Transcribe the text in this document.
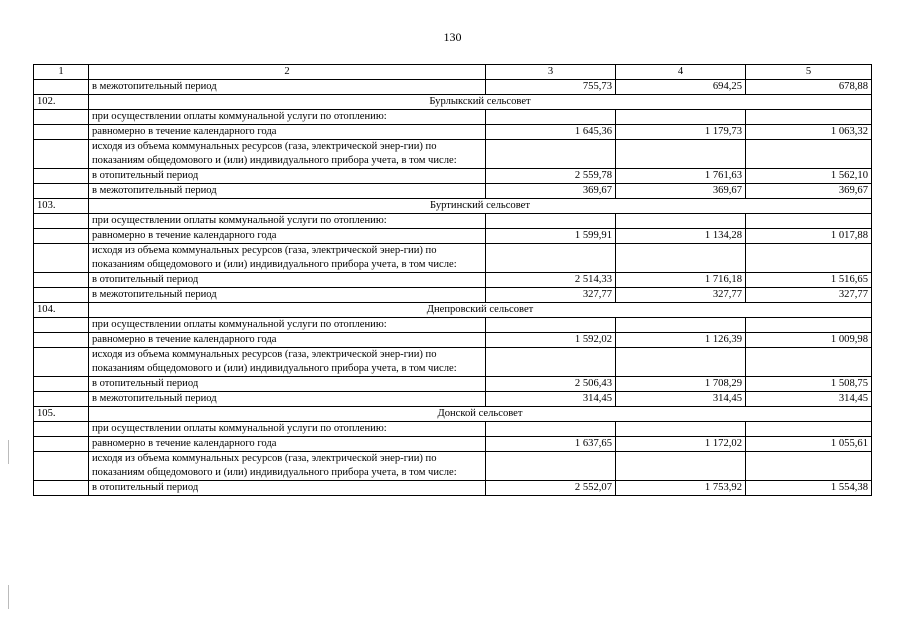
130
1	2	3	4	5
	в межотопительный период	755,73	694,25	678,88
102.	Бурлыкский сельсовет			
	при осуществлении оплаты коммунальной услуги по отоплению:			
	равномерно в течение календарного года	1 645,36	1 179,73	1 063,32
	исходя из объема коммунальных ресурсов (газа, электрической энер-гии) по показаниям общедомового и (или) индивидуального прибора учета, в том числе:			
	в отопительный период	2 559,78	1 761,63	1 562,10
	в межотопительный период	369,67	369,67	369,67
103.	Буртинский сельсовет			
	при осуществлении оплаты коммунальной услуги по отоплению:			
	равномерно в течение календарного года	1 599,91	1 134,28	1 017,88
	исходя из объема коммунальных ресурсов (газа, электрической энер-гии) по показаниям общедомового и (или) индивидуального прибора учета, в том числе:			
	в отопительный период	2 514,33	1 716,18	1 516,65
	в межотопительный период	327,77	327,77	327,77
104.	Днепровский сельсовет			
	при осуществлении оплаты коммунальной услуги по отоплению:			
	равномерно в течение календарного года	1 592,02	1 126,39	1 009,98
	исходя из объема коммунальных ресурсов (газа, электрической энер-гии) по показаниям общедомового и (или) индивидуального прибора учета, в том числе:			
	в отопительный период	2 506,43	1 708,29	1 508,75
	в межотопительный период	314,45	314,45	314,45
105.	Донской сельсовет			
	при осуществлении оплаты коммунальной услуги по отоплению:			
	равномерно в течение календарного года	1 637,65	1 172,02	1 055,61
	исходя из объема коммунальных ресурсов (газа, электрической энер-гии) по показаниям общедомового и (или) индивидуального прибора учета, в том числе:			
	в отопительный период	2 552,07	1 753,92	1 554,38
